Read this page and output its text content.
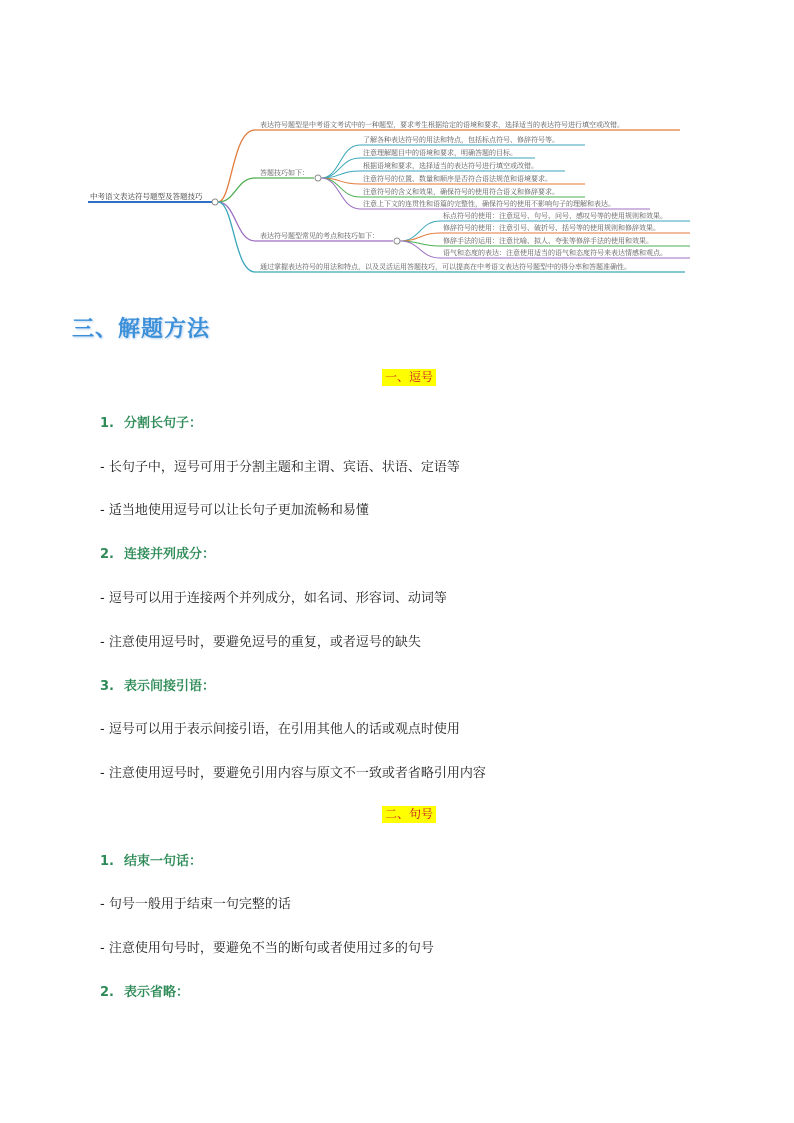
中考语文表达符号题型及答题技巧
表达符号题型是中考语文考试中的一种题型，要求考生根据给定的语境和要求，选择适当的表达符号进行填空或改错。
答题技巧如下：
了解各种表达符号的用法和特点，包括标点符号、修辞符号等。
注意理解题目中的语境和要求，明确答题的目标。
根据语境和要求，选择适当的表达符号进行填空或改错。
注意符号的位置、数量和顺序是否符合语法规范和语境要求。
注意符号的含义和效果，确保符号的使用符合语义和修辞要求。
注意上下文的连贯性和语篇的完整性，确保符号的使用不影响句子的理解和表达。
表达符号题型常见的考点和技巧如下：
标点符号的使用：注意逗号、句号、问号、感叹号等的使用规则和效果。
修辞符号的使用：注意引号、破折号、括号等的使用规则和修辞效果。
修辞手法的运用：注意比喻、拟人、夸张等修辞手法的使用和效果。
语气和态度的表达：注意使用适当的语气和态度符号来表达情感和观点。
通过掌握表达符号的用法和特点，以及灵活运用答题技巧，可以提高在中考语文表达符号题型中的得分率和答题准确性。
三、解题方法
一、逗号
1. 分割长句子：
- 长句子中，逗号可用于分割主题和主谓、宾语、状语、定语等
- 适当地使用逗号可以让长句子更加流畅和易懂
2. 连接并列成分：
- 逗号可以用于连接两个并列成分，如名词、形容词、动词等
- 注意使用逗号时，要避免逗号的重复，或者逗号的缺失
3. 表示间接引语：
- 逗号可以用于表示间接引语，在引用其他人的话或观点时使用
- 注意使用逗号时，要避免引用内容与原文不一致或者省略引用内容
二、句号
1. 结束一句话：
- 句号一般用于结束一句完整的话
- 注意使用句号时，要避免不当的断句或者使用过多的句号
2. 表示省略：
